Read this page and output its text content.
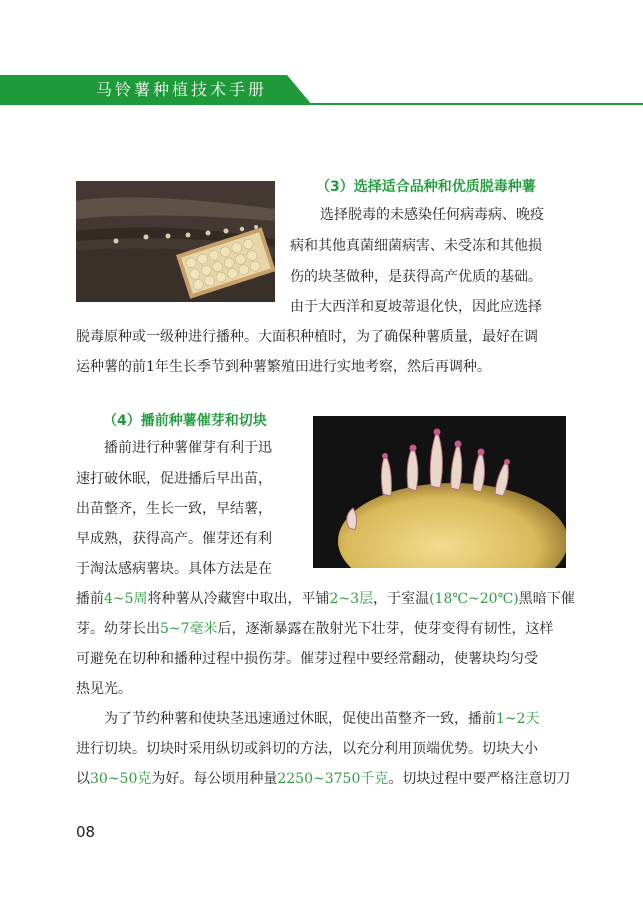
马铃薯种植技术手册
（3）选择适合品种和优质脱毒种薯
选择脱毒的未感染任何病毒病、晚疫
病和其他真菌细菌病害、未受冻和其他损
伤的块茎做种，是获得高产优质的基础。
由于大西洋和夏坡蒂退化快，因此应选择
脱毒原种或一级种进行播种。大面积种植时，为了确保种薯质量，最好在调
运种薯的前1年生长季节到种薯繁殖田进行实地考察，然后再调种。
（4）播前种薯催芽和切块
播前进行种薯催芽有利于迅
速打破休眠，促进播后早出苗，
出苗整齐，生长一致，早结薯，
早成熟，获得高产。催芽还有利
于淘汰感病薯块。具体方法是在
播前4~5周将种薯从冷藏窖中取出，平铺2~3层，于室温(18℃~20℃)黑暗下催
芽。幼芽长出5~7毫米后，逐渐暴露在散射光下壮芽，使芽变得有韧性，这样
可避免在切种和播种过程中损伤芽。催芽过程中要经常翻动，使薯块均匀受
热见光。
为了节约种薯和使块茎迅速通过休眠，促使出苗整齐一致，播前1~2天
进行切块。切块时采用纵切或斜切的方法，以充分利用顶端优势。切块大小
以30~50克为好。每公顷用种量2250~3750千克。切块过程中要严格注意切刀
08
